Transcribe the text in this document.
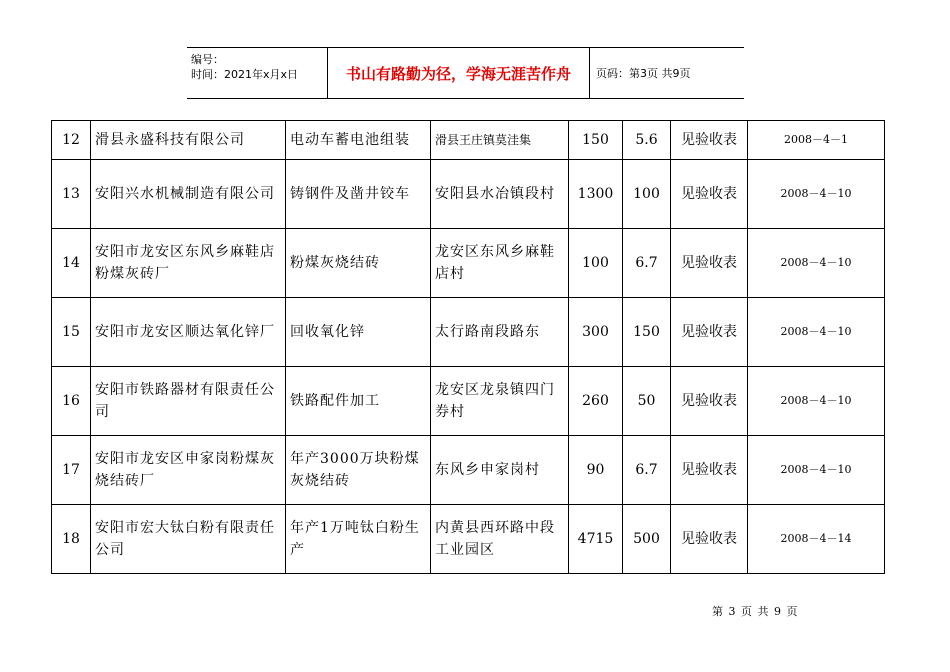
编号：
时间：2021年x月x日	书山有路勤为径，学海无涯苦作舟	页码：第3页 共9页
12	滑县永盛科技有限公司	电动车蓄电池组装	滑县王庄镇莫洼集	150	5.6	见验收表	2008－4－1
13	安阳兴水机械制造有限公司	铸钢件及凿井铰车	安阳县水冶镇段村	1300	100	见验收表	2008－4－10
14	安阳市龙安区东风乡麻鞋店粉煤灰砖厂	粉煤灰烧结砖	龙安区东风乡麻鞋店村	100	6.7	见验收表	2008－4－10
15	安阳市龙安区顺达氧化锌厂	回收氧化锌	太行路南段路东	300	150	见验收表	2008－4－10
16	安阳市铁路器材有限责任公司	铁路配件加工	龙安区龙泉镇四门券村	260	50	见验收表	2008－4－10
17	安阳市龙安区申家岗粉煤灰烧结砖厂	年产3000万块粉煤灰烧结砖	东风乡申家岗村	90	6.7	见验收表	2008－4－10
18	安阳市宏大钛白粉有限责任公司	年产1万吨钛白粉生产	内黄县西环路中段工业园区	4715	500	见验收表	2008－4－14
第 3 页 共 9 页
